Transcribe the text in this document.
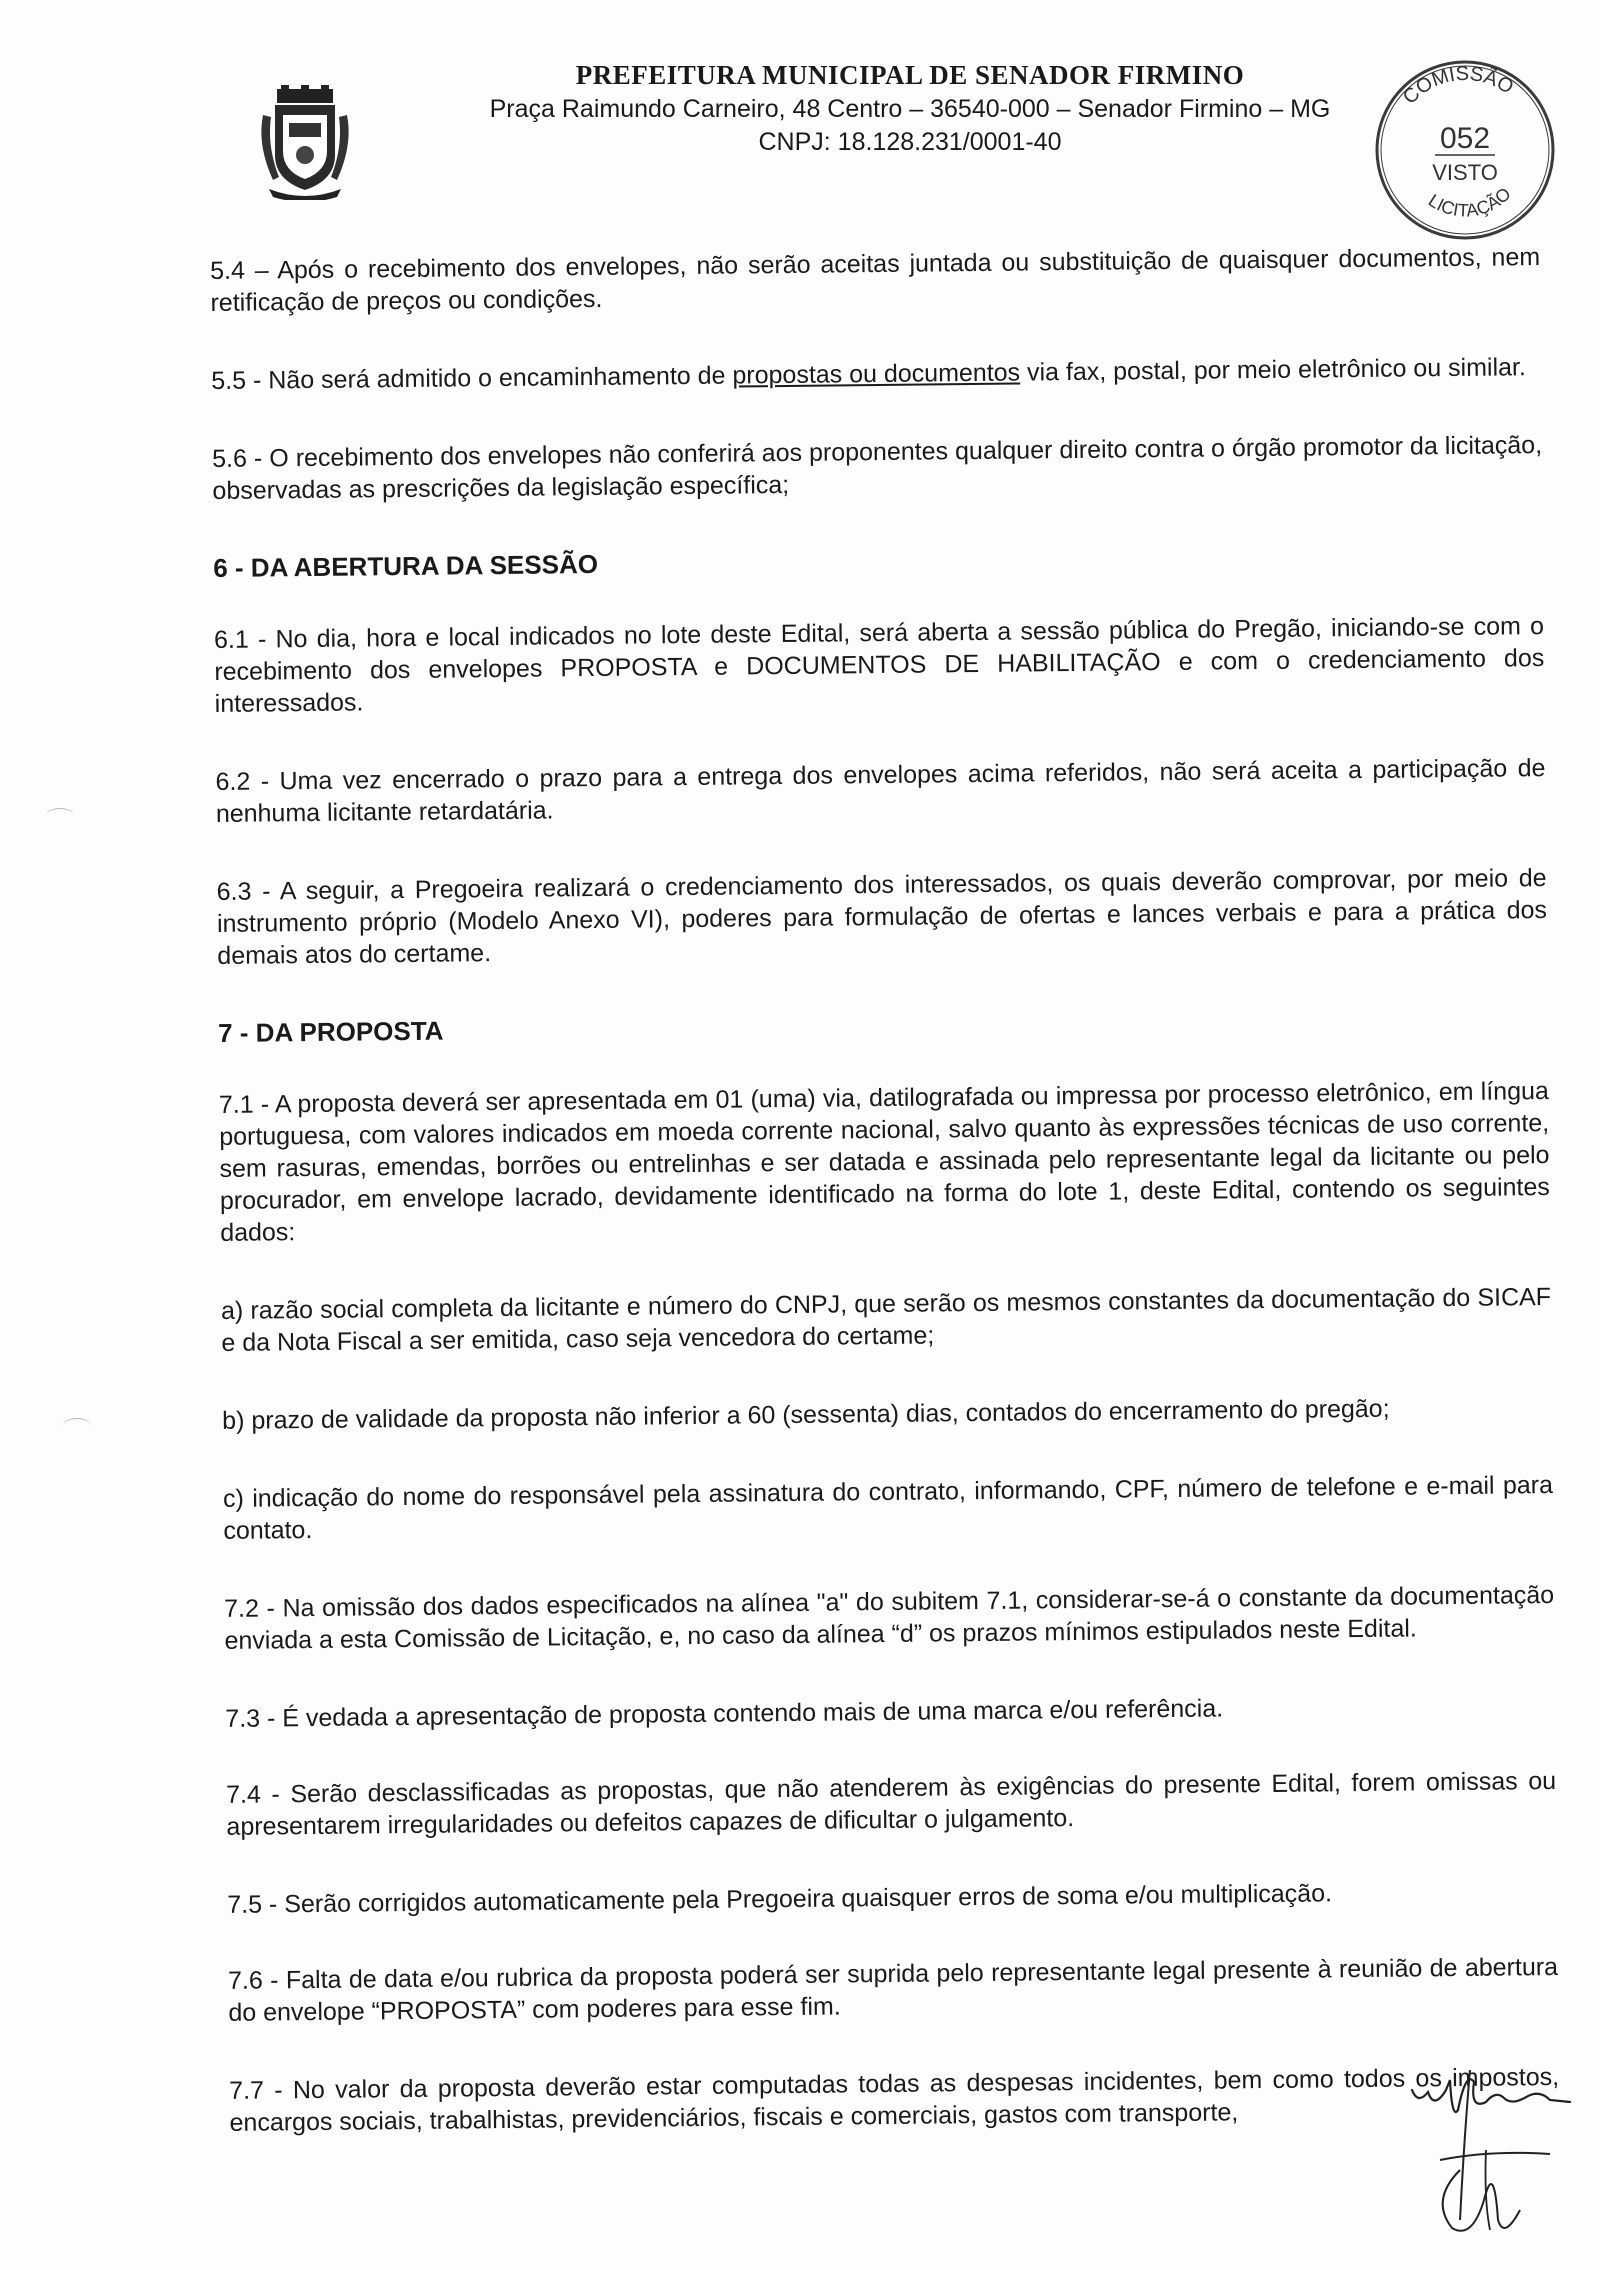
PREFEITURA MUNICIPAL DE SENADOR FIRMINO
Praça Raimundo Carneiro, 48 Centro – 36540-000 – Senador Firmino – MG
CNPJ: 18.128.231/0001-40
COMISSÃO
052
VISTO
LICITAÇÃO

5.4 – Após o recebimento dos envelopes, não serão aceitas juntada ou substituição de quaisquer documentos, nem retificação de preços ou condições.

5.5 - Não será admitido o encaminhamento de propostas ou documentos via fax, postal, por meio eletrônico ou similar.

5.6 - O recebimento dos envelopes não conferirá aos proponentes qualquer direito contra o órgão promotor da licitação, observadas as prescrições da legislação específica;

6 - DA ABERTURA DA SESSÃO

6.1 - No dia, hora e local indicados no lote deste Edital, será aberta a sessão pública do Pregão, iniciando-se com o recebimento dos envelopes PROPOSTA e DOCUMENTOS DE HABILITAÇÃO e com o credenciamento dos interessados.

6.2 - Uma vez encerrado o prazo para a entrega dos envelopes acima referidos, não será aceita a participação de nenhuma licitante retardatária.

6.3 - A seguir, a Pregoeira realizará o credenciamento dos interessados, os quais deverão comprovar, por meio de instrumento próprio (Modelo Anexo VI), poderes para formulação de ofertas e lances verbais e para a prática dos demais atos do certame.

7 - DA PROPOSTA

7.1 - A proposta deverá ser apresentada em 01 (uma) via, datilografada ou impressa por processo eletrônico, em língua portuguesa, com valores indicados em moeda corrente nacional, salvo quanto às expressões técnicas de uso corrente, sem rasuras, emendas, borrões ou entrelinhas e ser datada e assinada pelo representante legal da licitante ou pelo procurador, em envelope lacrado, devidamente identificado na forma do lote 1, deste Edital, contendo os seguintes dados:

a) razão social completa da licitante e número do CNPJ, que serão os mesmos constantes da documentação do SICAF e da Nota Fiscal a ser emitida, caso seja vencedora do certame;

b) prazo de validade da proposta não inferior a 60 (sessenta) dias, contados do encerramento do pregão;

c) indicação do nome do responsável pela assinatura do contrato, informando, CPF, número de telefone e e-mail para contato.

7.2 - Na omissão dos dados especificados na alínea "a" do subitem 7.1, considerar-se-á o constante da documentação enviada a esta Comissão de Licitação, e, no caso da alínea “d” os prazos mínimos estipulados neste Edital.

7.3 - É vedada a apresentação de proposta contendo mais de uma marca e/ou referência.

7.4 - Serão desclassificadas as propostas, que não atenderem às exigências do presente Edital, forem omissas ou apresentarem irregularidades ou defeitos capazes de dificultar o julgamento.

7.5 - Serão corrigidos automaticamente pela Pregoeira quaisquer erros de soma e/ou multiplicação.

7.6 - Falta de data e/ou rubrica da proposta poderá ser suprida pelo representante legal presente à reunião de abertura do envelope “PROPOSTA” com poderes para esse fim.

7.7 - No valor da proposta deverão estar computadas todas as despesas incidentes, bem como todos os impostos, encargos sociais, trabalhistas, previdenciários, fiscais e comerciais, gastos com transporte,
